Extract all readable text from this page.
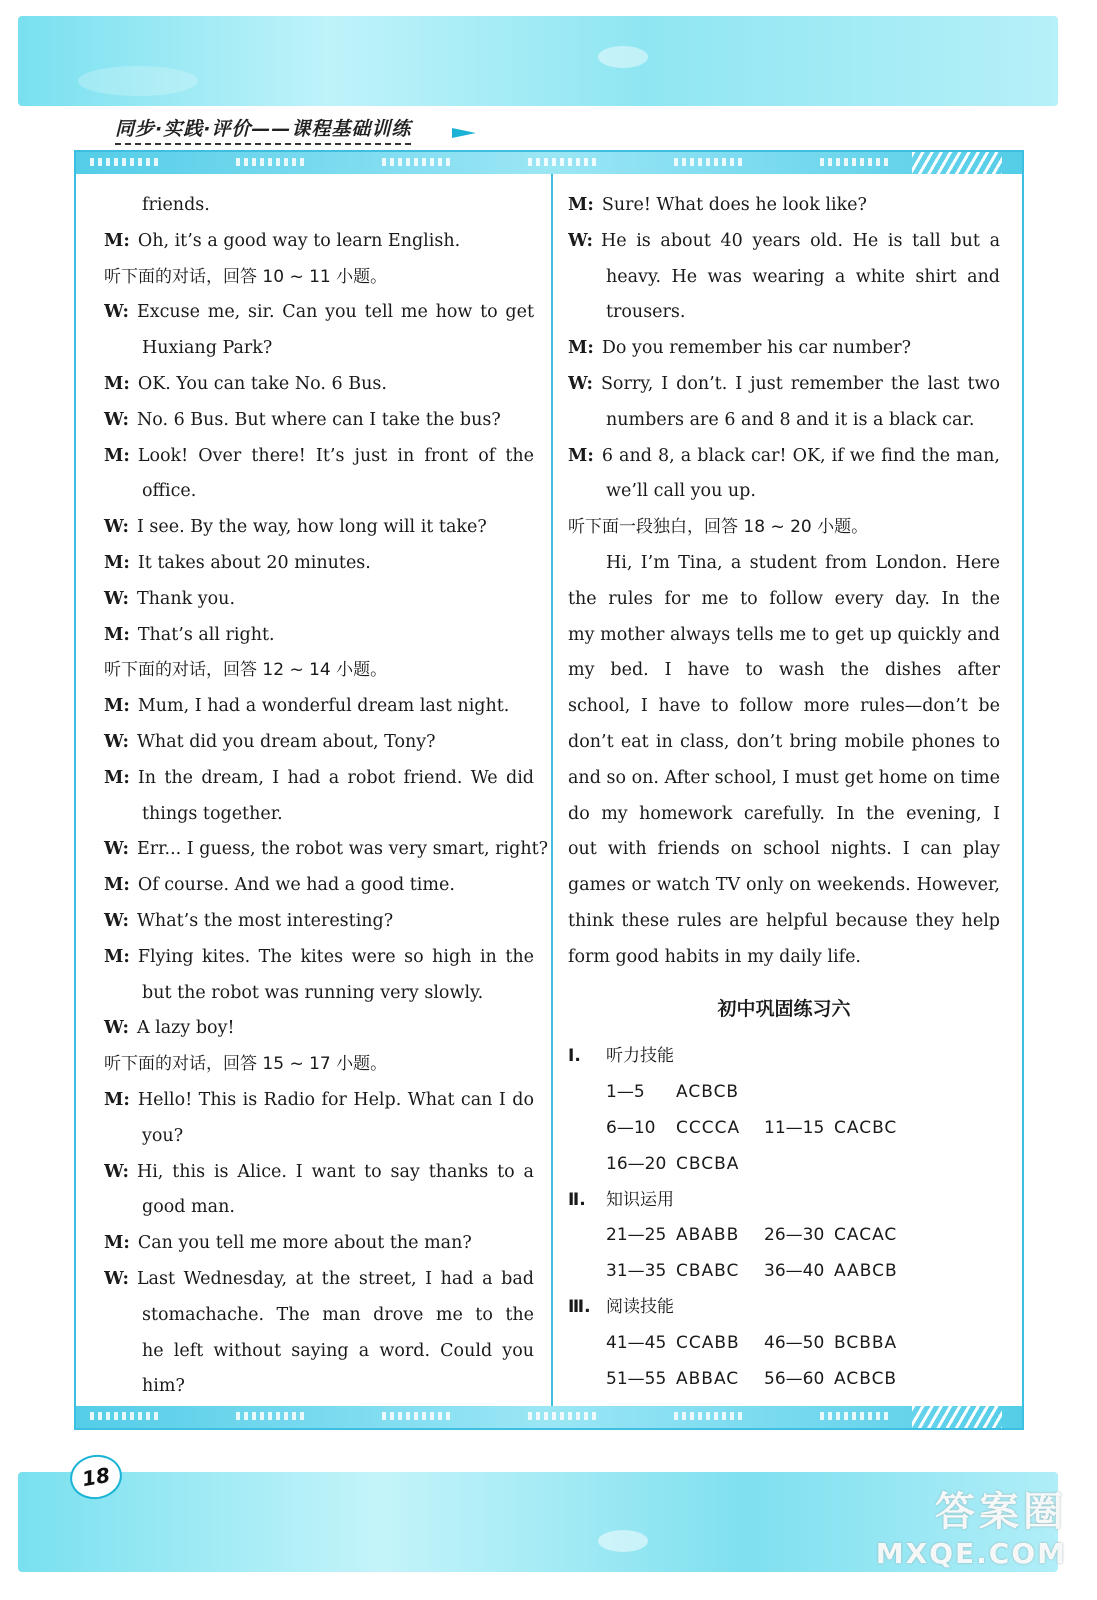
同步·实践·评价——课程基础训练
friends.
M: Oh, it’s a good way to learn English.
听下面的对话，回答 10 ~ 11 小题。
W: Excuse me, sir. Can you tell me how to get
Huxiang Park?
M: OK. You can take No. 6 Bus.
W: No. 6 Bus. But where can I take the bus?
M: Look! Over there! It’s just in front of the
office.
W: I see. By the way, how long will it take?
M: It takes about 20 minutes.
W: Thank you.
M: That’s all right.
听下面的对话，回答 12 ~ 14 小题。
M: Mum, I had a wonderful dream last night.
W: What did you dream about, Tony?
M: In the dream, I had a robot friend. We did
things together.
W: Err... I guess, the robot was very smart, right?
M: Of course. And we had a good time.
W: What’s the most interesting?
M: Flying kites. The kites were so high in the
but the robot was running very slowly.
W: A lazy boy!
听下面的对话，回答 15 ~ 17 小题。
M: Hello! This is Radio for Help. What can I do
you?
W: Hi, this is Alice. I want to say thanks to a
good man.
M: Can you tell me more about the man?
W: Last Wednesday, at the street, I had a bad
stomachache. The man drove me to the
he left without saying a word. Could you
him?
M: Sure! What does he look like?
W: He is about 40 years old. He is tall but a
heavy. He was wearing a white shirt and
trousers.
M: Do you remember his car number?
W: Sorry, I don’t. I just remember the last two
numbers are 6 and 8 and it is a black car.
M: 6 and 8, a black car! OK, if we find the man,
we’ll call you up.
听下面一段独白，回答 18 ~ 20 小题。
Hi, I’m Tina, a student from London. Here
the rules for me to follow every day. In the
my mother always tells me to get up quickly and
my bed. I have to wash the dishes after
school, I have to follow more rules—don’t be
don’t eat in class, don’t bring mobile phones to
and so on. After school, I must get home on time
do my homework carefully. In the evening, I
out with friends on school nights. I can play
games or watch TV only on weekends. However,
think these rules are helpful because they help
form good habits in my daily life.
初中巩固练习六
Ⅰ. 听力技能
1—5 ACBCB
6—10 CCCCA 11—15 CACBC
16—20 CBCBA
Ⅱ. 知识运用
21—25 ABABB 26—30 CACAC
31—35 CBABC 36—40 AABCB
Ⅲ. 阅读技能
41—45 CCABB 46—50 BCBBA
51—55 ABBAC 56—60 ACBCB
18
答案圈
MXQE.COM
